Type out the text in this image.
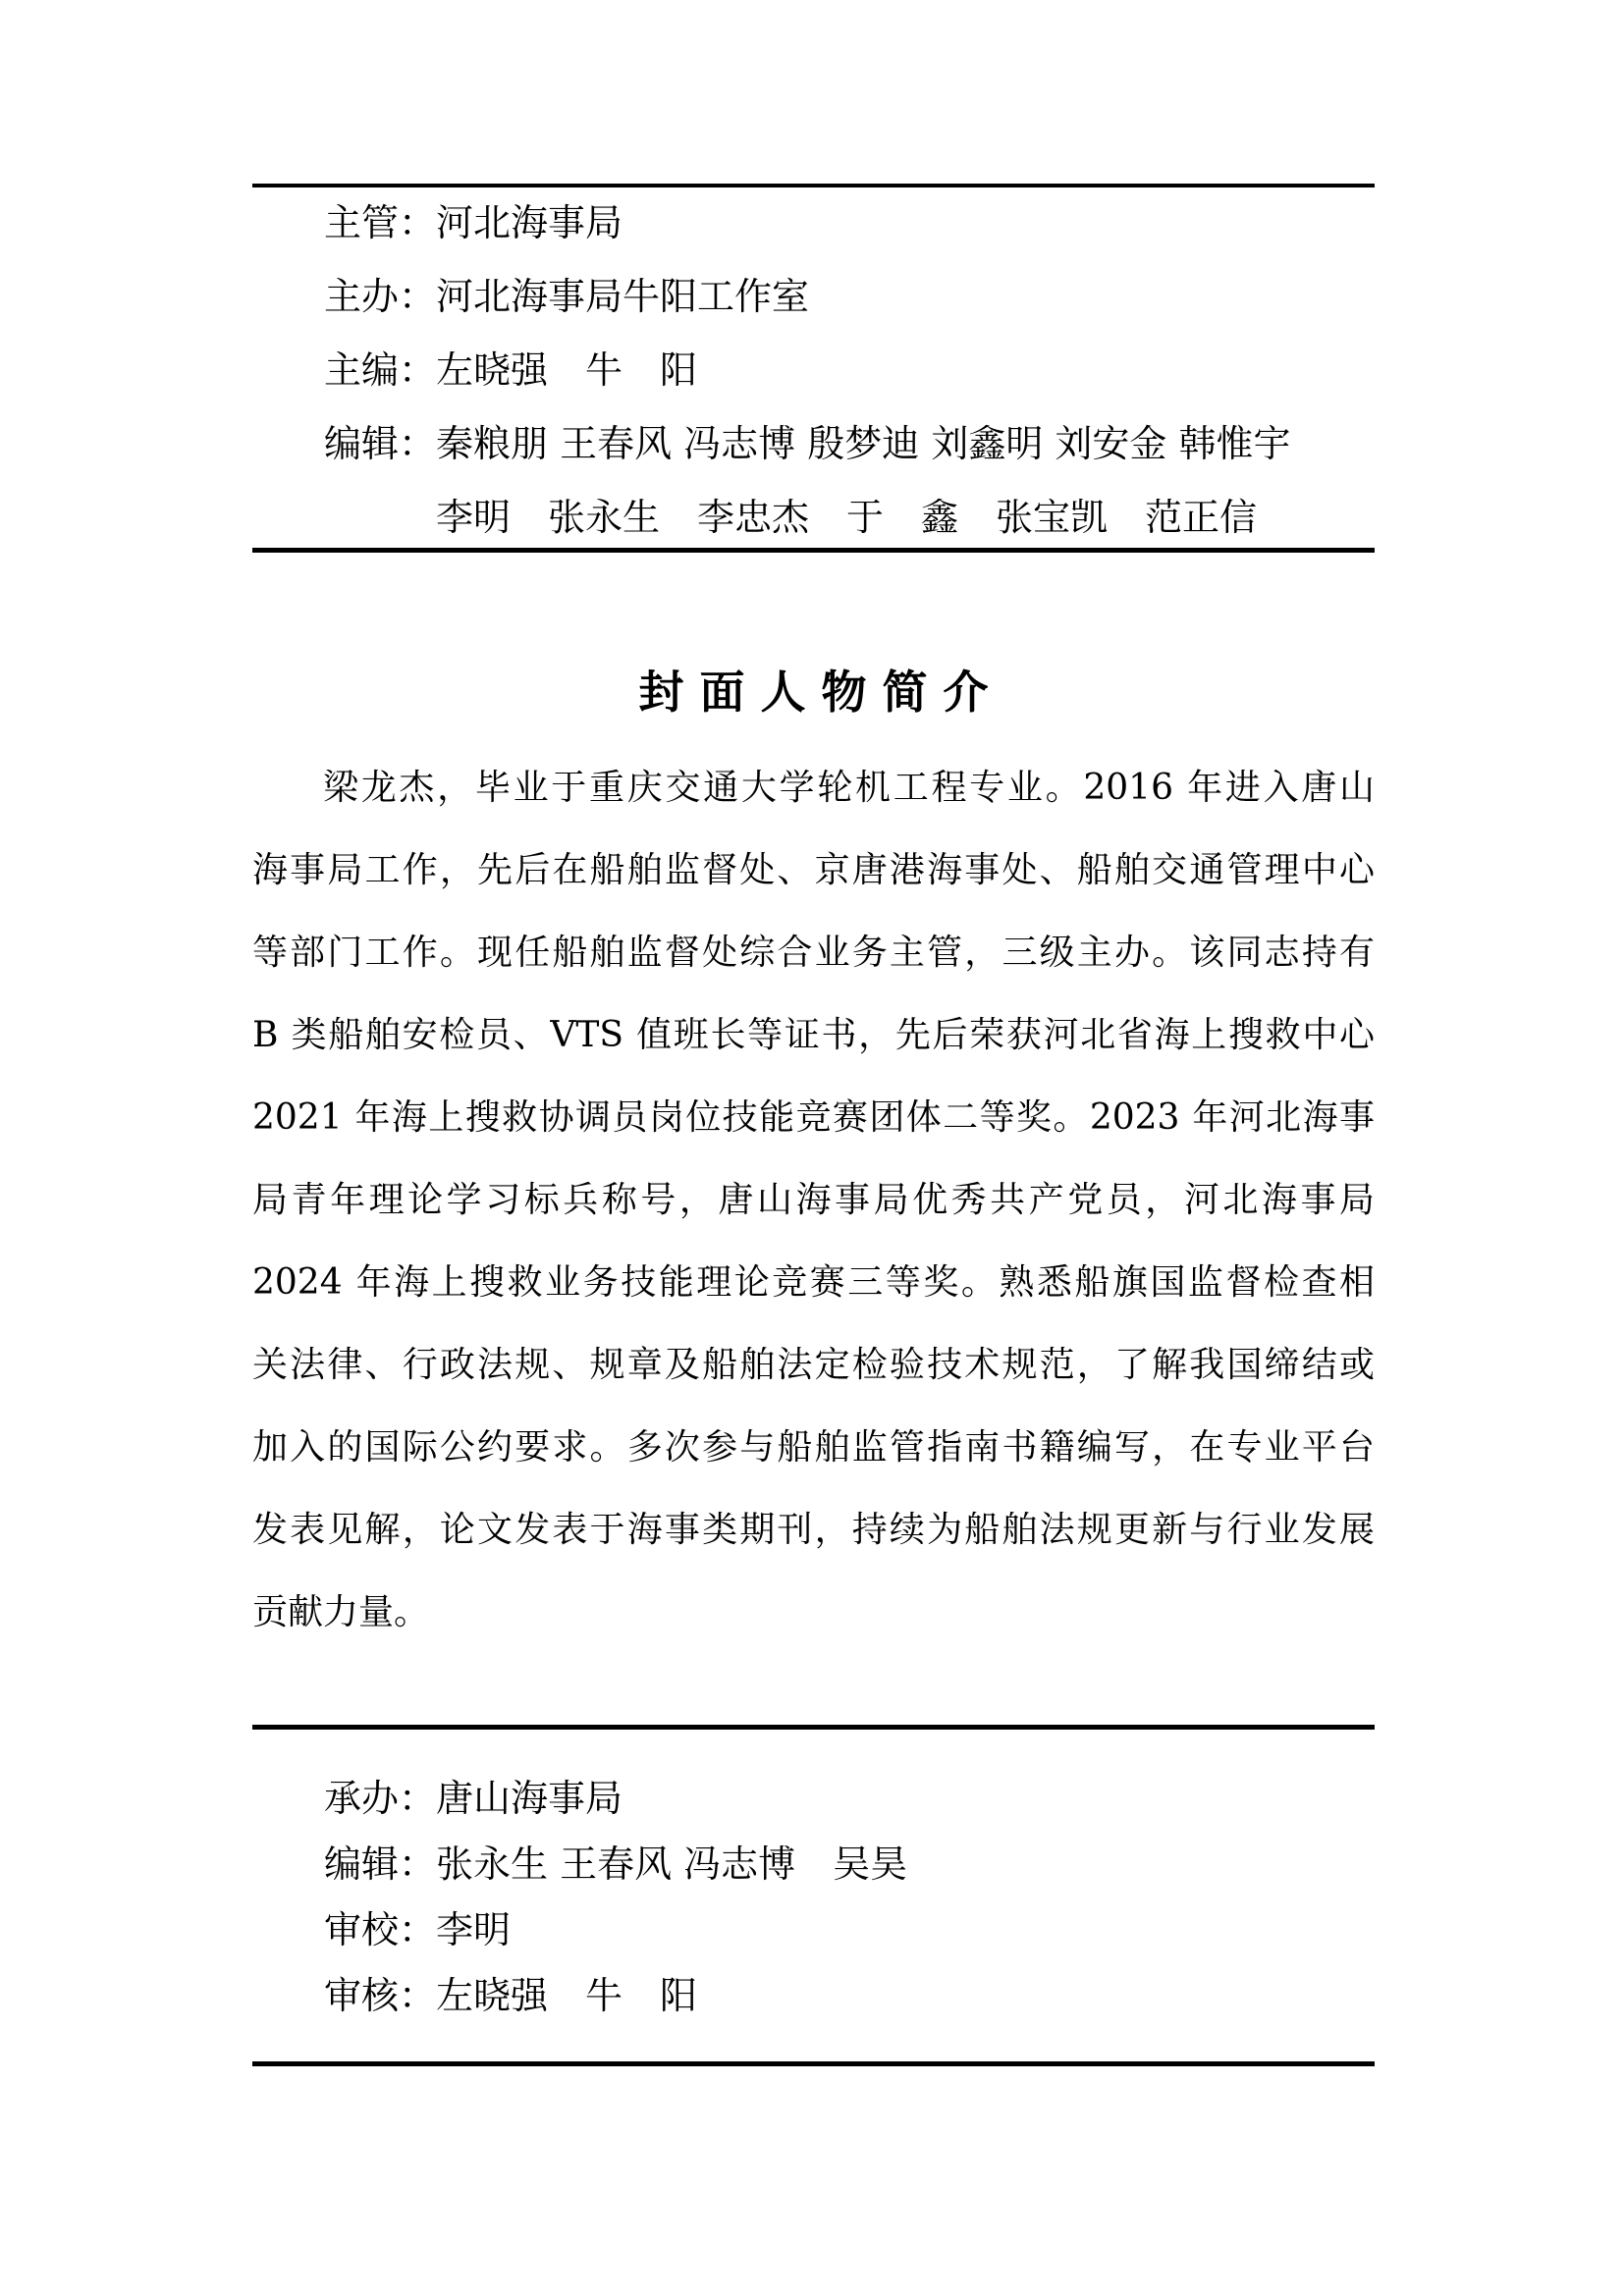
主管：河北海事局
主办：河北海事局牛阳工作室
主编：左晓强　牛　阳
编辑：秦粮朋 王春风 冯志博 殷梦迪 刘鑫明 刘安金 韩惟宇
李明　张永生　李忠杰　于　鑫　张宝凯　范正信
封 面 人 物 简 介
梁龙杰，毕业于重庆交通大学轮机工程专业。2016 年进入唐山
海事局工作，先后在船舶监督处、京唐港海事处、船舶交通管理中心
等部门工作。现任船舶监督处综合业务主管，三级主办。该同志持有
B 类船舶安检员、VTS 值班长等证书，先后荣获河北省海上搜救中心
2021 年海上搜救协调员岗位技能竞赛团体二等奖。2023 年河北海事
局青年理论学习标兵称号，唐山海事局优秀共产党员，河北海事局
2024 年海上搜救业务技能理论竞赛三等奖。熟悉船旗国监督检查相
关法律、行政法规、规章及船舶法定检验技术规范，了解我国缔结或
加入的国际公约要求。多次参与船舶监管指南书籍编写，在专业平台
发表见解，论文发表于海事类期刊，持续为船舶法规更新与行业发展
贡献力量。
承办：唐山海事局
编辑：张永生 王春风 冯志博　吴昊
审校：李明
审核：左晓强　牛　阳
